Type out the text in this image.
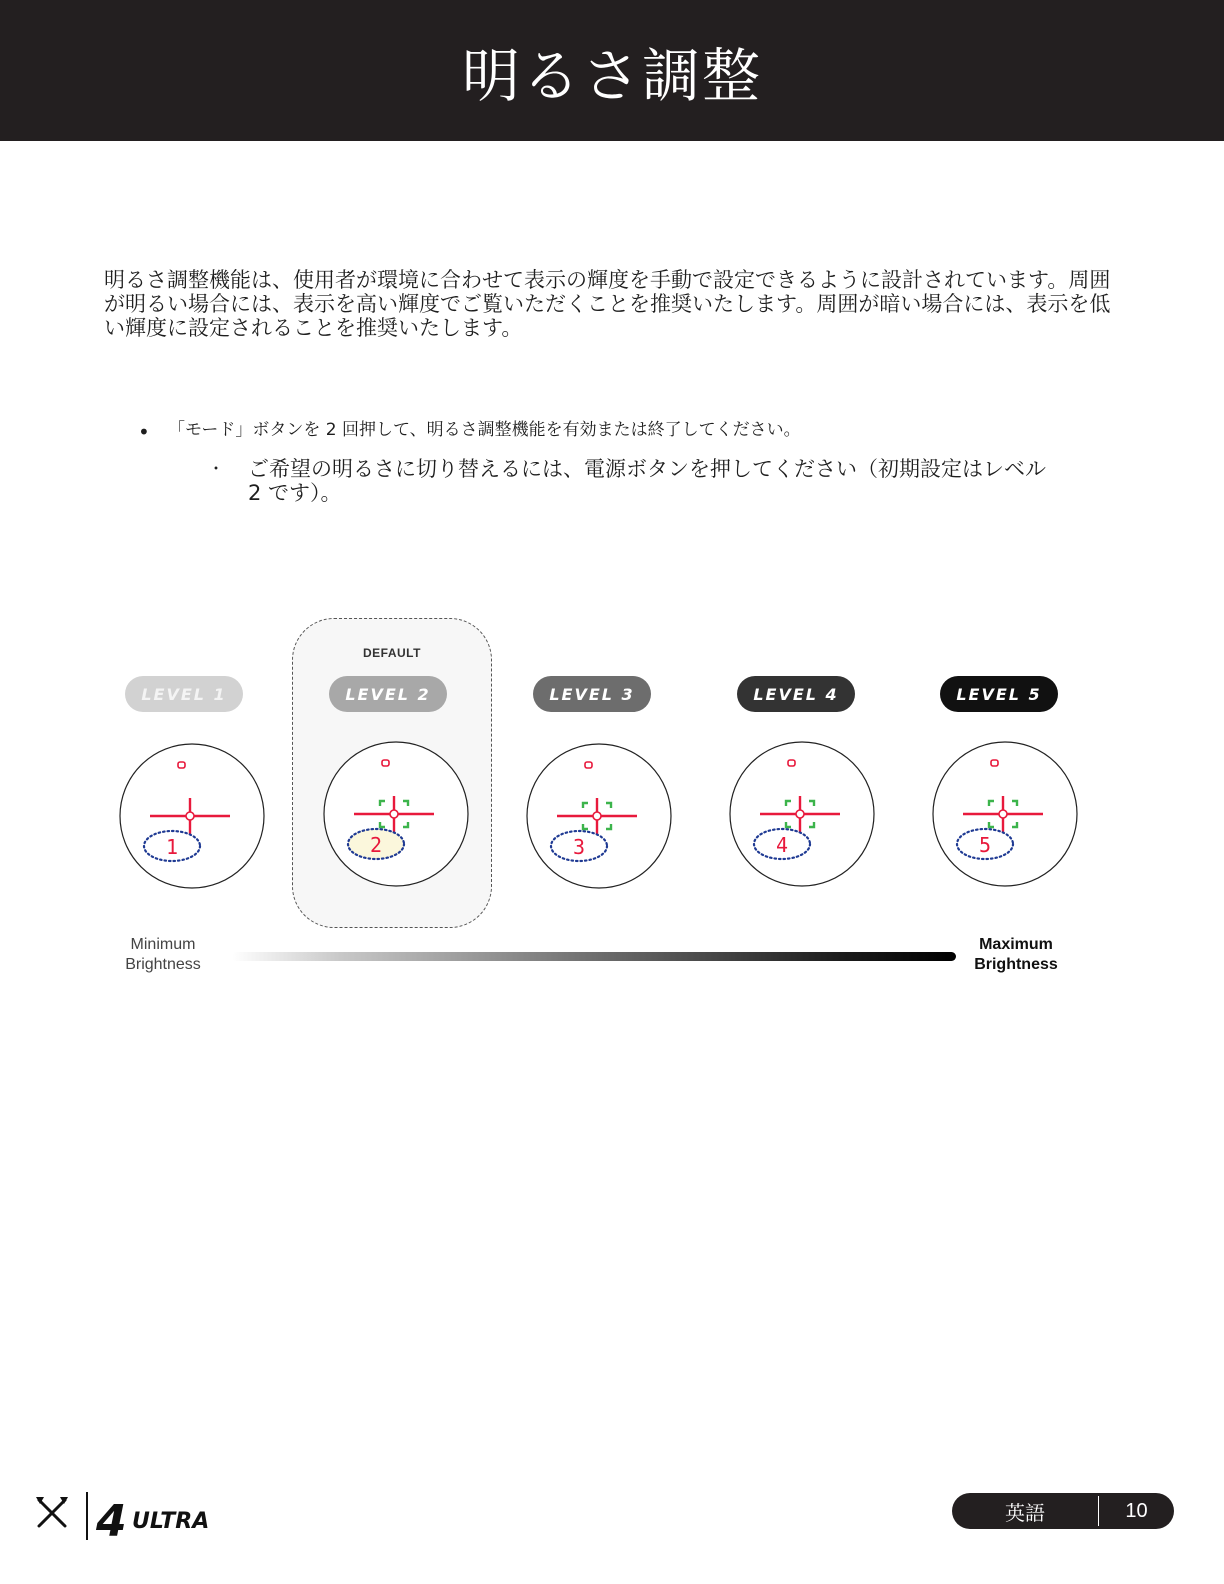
明るさ調整

明るさ調整機能は、使用者が環境に合わせて表示の輝度を手動で設定できるように設計されています。周囲が明るい場合には、表示を高い輝度でご覧いただくことを推奨いたします。周囲が暗い場合には、表示を低い輝度に設定されることを推奨いたします。

•	「モード」ボタンを 2 回押して、明るさ調整機能を有効または終了してください。
・	ご希望の明るさに切り替えるには、電源ボタンを押してください（初期設定はレベル 2 です）。
DEFAULT
LEVEL 1	LEVEL 2	LEVEL 3	LEVEL 4	LEVEL 5
1	2	3	4	5
Minimum
Brightness
Maximum
Brightness
4 ULTRA	英語	10
